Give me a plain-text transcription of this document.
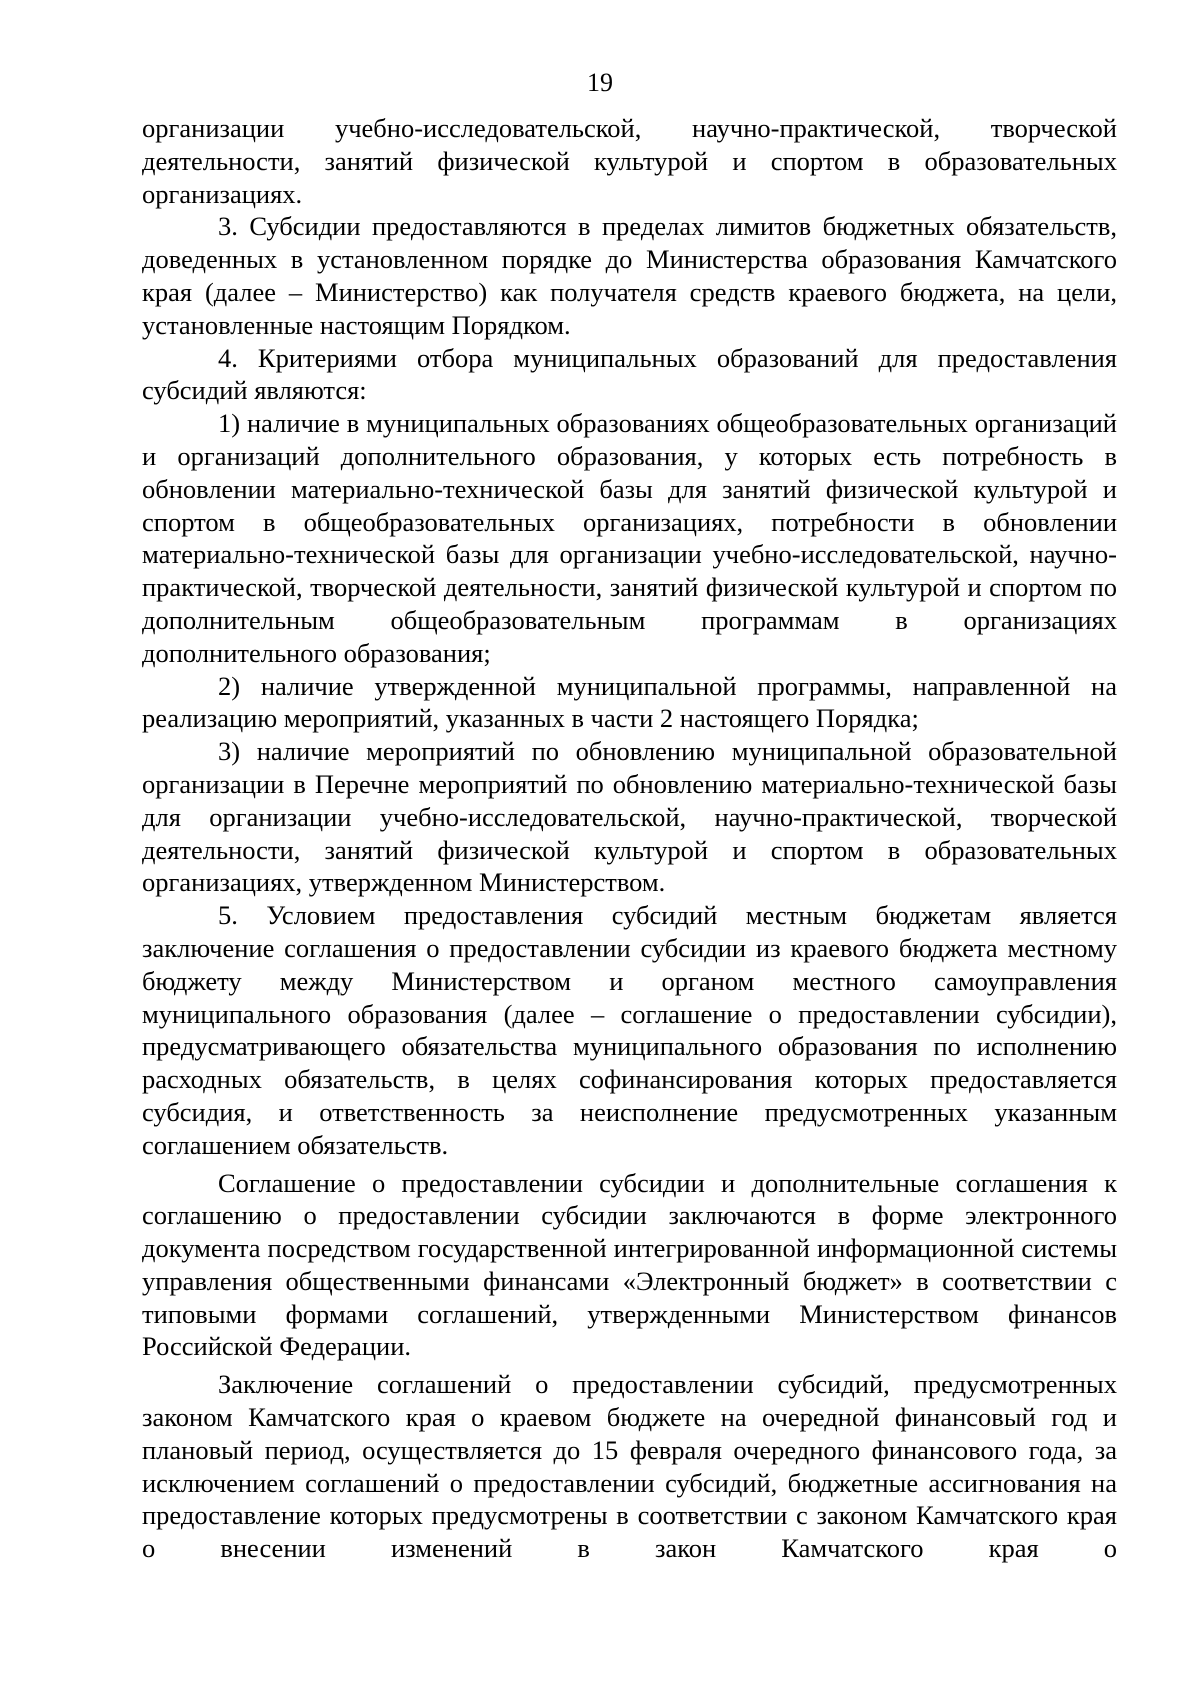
19

организации учебно-исследовательской, научно-практической, творческой деятельности, занятий физической культурой и спортом в образовательных организациях.

3. Субсидии предоставляются в пределах лимитов бюджетных обязательств, доведенных в установленном порядке до Министерства образования Камчатского края (далее – Министерство) как получателя средств краевого бюджета, на цели, установленные настоящим Порядком.

4. Критериями отбора муниципальных образований для предоставления субсидий являются:

1) наличие в муниципальных образованиях общеобразовательных организаций и организаций дополнительного образования, у которых есть потребность в обновлении материально-технической базы для занятий физической культурой и спортом в общеобразовательных организациях, потребности в обновлении материально-технической базы для организации учебно-исследовательской, научно-практической, творческой деятельности, занятий физической культурой и спортом по дополнительным общеобразовательным программам в организациях дополнительного образования;

2) наличие утвержденной муниципальной программы, направленной на реализацию мероприятий, указанных в части 2 настоящего Порядка;

3) наличие мероприятий по обновлению муниципальной образовательной организации в Перечне мероприятий по обновлению материально-технической базы для организации учебно-исследовательской, научно-практической, творческой деятельности, занятий физической культурой и спортом в образовательных организациях, утвержденном Министерством.

5. Условием предоставления субсидий местным бюджетам является заключение соглашения о предоставлении субсидии из краевого бюджета местному бюджету между Министерством и органом местного самоуправления муниципального образования (далее – соглашение о предоставлении субсидии), предусматривающего обязательства муниципального образования по исполнению расходных обязательств, в целях софинансирования которых предоставляется субсидия, и ответственность за неисполнение предусмотренных указанным соглашением обязательств.

Соглашение о предоставлении субсидии и дополнительные соглашения к соглашению о предоставлении субсидии заключаются в форме электронного документа посредством государственной интегрированной информационной системы управления общественными финансами «Электронный бюджет» в соответствии с типовыми формами соглашений, утвержденными Министерством финансов Российской Федерации.

Заключение соглашений о предоставлении субсидий, предусмотренных законом Камчатского края о краевом бюджете на очередной финансовый год и плановый период, осуществляется до 15 февраля очередного финансового года, за исключением соглашений о предоставлении субсидий, бюджетные ассигнования на предоставление которых предусмотрены в соответствии с законом Камчатского края о внесении изменений в закон Камчатского края о
